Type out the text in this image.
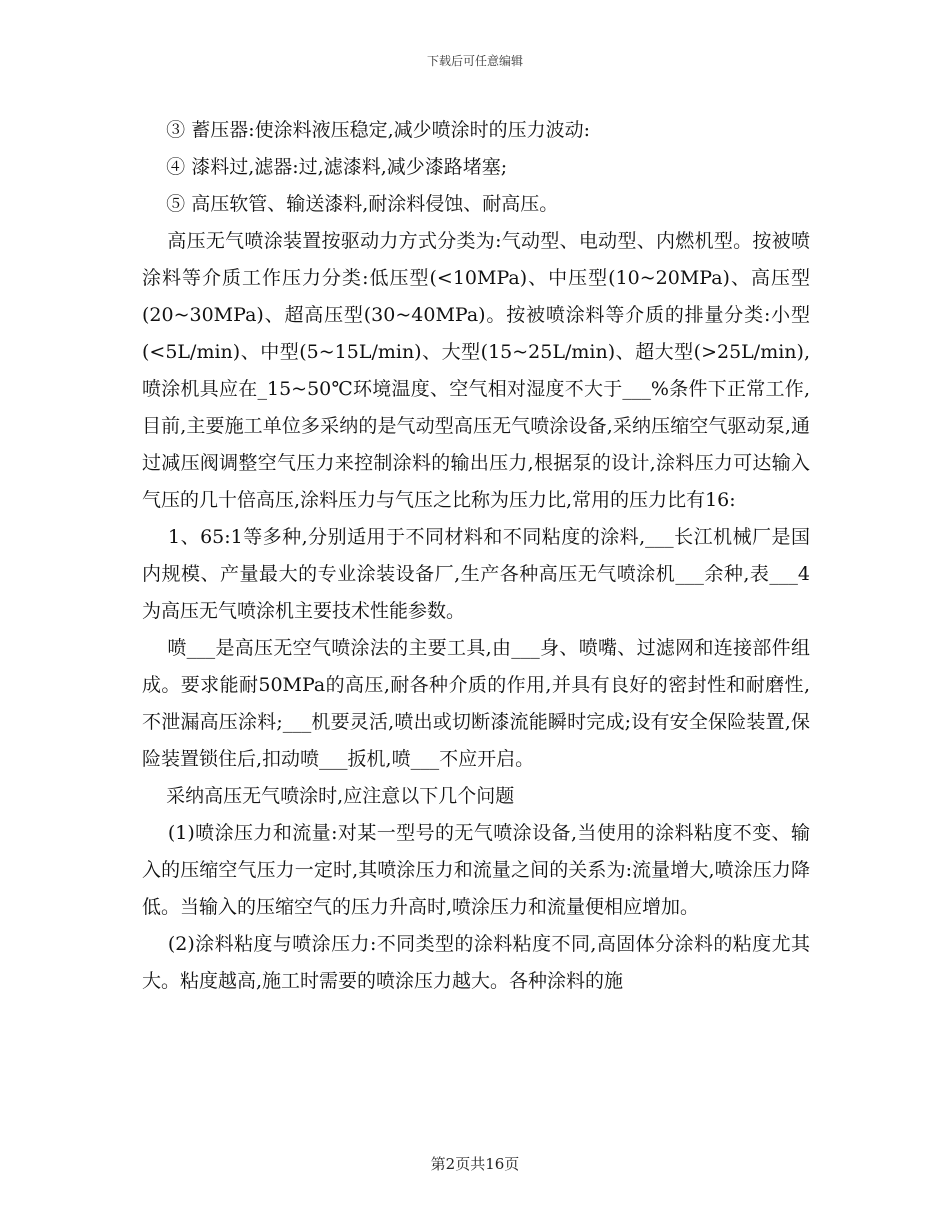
下载后可任意编辑

③ 蓄压器:使涂料液压稳定,减少喷涂时的压力波动:

④ 漆料过,滤器:过,滤漆料,减少漆路堵塞;

⑤ 高压软管、输送漆料,耐涂料侵蚀、耐高压。

高压无气喷涂装置按驱动力方式分类为:气动型、电动型、内燃机型。按被喷涂料等介质工作压力分类:低压型(<10MPa)、中压型(10~20MPa)、高压型(20~30MPa)、超高压型(30~40MPa)。按被喷涂料等介质的排量分类:小型(<5L/min)、中型(5~15L/min)、大型(15~25L/min)、超大型(>25L/min),喷涂机具应在_15~50℃环境温度、空气相对湿度不大于___%条件下正常工作,目前,主要施工单位多采纳的是气动型高压无气喷涂设备,采纳压缩空气驱动泵,通过减压阀调整空气压力来控制涂料的输出压力,根据泵的设计,涂料压力可达输入气压的几十倍高压,涂料压力与气压之比称为压力比,常用的压力比有16:

1、65:1等多种,分别适用于不同材料和不同粘度的涂料,___长江机械厂是国内规模、产量最大的专业涂装设备厂,生产各种高压无气喷涂机___余种,表___4为高压无气喷涂机主要技术性能参数。

喷___是高压无空气喷涂法的主要工具,由___身、喷嘴、过滤网和连接部件组成。要求能耐50MPa的高压,耐各种介质的作用,并具有良好的密封性和耐磨性,不泄漏高压涂料;___机要灵活,喷出或切断漆流能瞬时完成;设有安全保险装置,保险装置锁住后,扣动喷___扳机,喷___不应开启。

采纳高压无气喷涂时,应注意以下几个问题

(1)喷涂压力和流量:对某一型号的无气喷涂设备,当使用的涂料粘度不变、输入的压缩空气压力一定时,其喷涂压力和流量之间的关系为:流量增大,喷涂压力降低。当输入的压缩空气的压力升高时,喷涂压力和流量便相应增加。

(2)涂料粘度与喷涂压力:不同类型的涂料粘度不同,高固体分涂料的粘度尤其大。粘度越高,施工时需要的喷涂压力越大。各种涂料的施

第2页共16页
